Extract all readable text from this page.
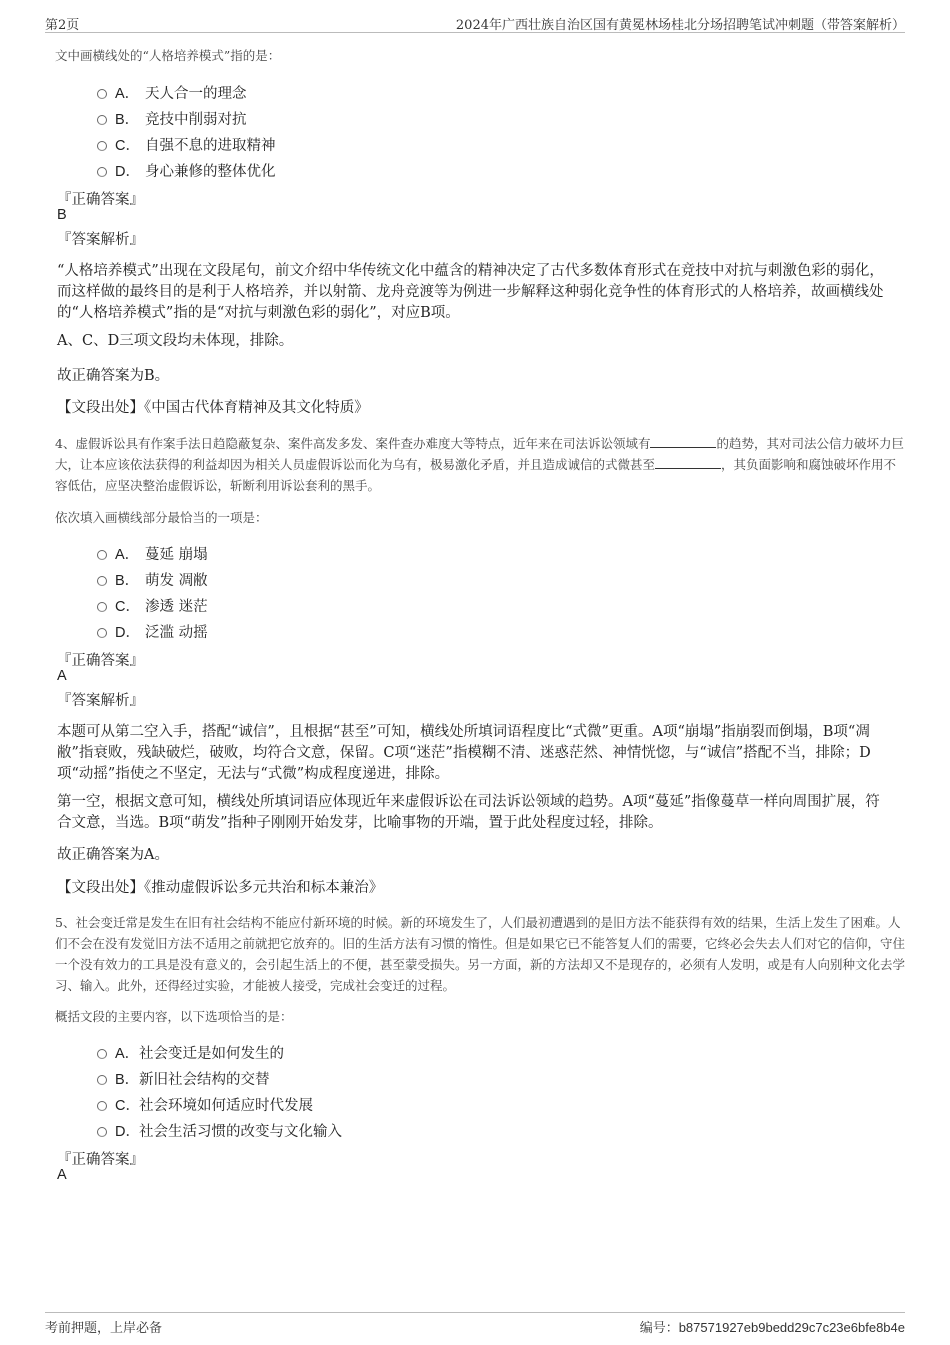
第2页	2024年广西壮族自治区国有黄冕林场桂北分场招聘笔试冲刺题（带答案解析）
文中画横线处的“人格培养模式”指的是：
A． 天人合一的理念
B． 竞技中削弱对抗
C． 自强不息的进取精神
D． 身心兼修的整体优化
『正确答案』
B
『答案解析』
“人格培养模式”出现在文段尾句，前文介绍中华传统文化中蕴含的精神决定了古代多数体育形式在竞技中对抗与刺激色彩的弱化，而这样做的最终目的是利于人格培养，并以射箭、龙舟竞渡等为例进一步解释这种弱化竞争性的体育形式的人格培养，故画横线处的“人格培养模式”指的是“对抗与刺激色彩的弱化”，对应B项。
A、C、D三项文段均未体现，排除。
故正确答案为B。
【文段出处】《中国古代体育精神及其文化特质》
4、虚假诉讼具有作案手法日趋隐蔽复杂、案件高发多发、案件查办难度大等特点，近年来在司法诉讼领域有	的趋势，其对司法公信力破坏力巨大，让本应该依法获得的利益却因为相关人员虚假诉讼而化为乌有，极易激化矛盾，并且造成诚信的式微甚至	，其负面影响和腐蚀破坏作用不容低估，应坚决整治虚假诉讼，斩断利用诉讼套利的黑手。
依次填入画横线部分最恰当的一项是：
A． 蔓延 崩塌
B． 萌发 凋敝
C． 渗透 迷茫
D． 泛滥 动摇
『正确答案』
A
『答案解析』
本题可从第二空入手，搭配“诚信”，且根据“甚至”可知，横线处所填词语程度比“式微”更重。A项“崩塌”指崩裂而倒塌，B项“凋敝”指衰败，残缺破烂，破败，均符合文意，保留。C项“迷茫”指模糊不清、迷惑茫然、神情恍惚，与“诚信”搭配不当，排除；D项“动摇”指使之不坚定，无法与“式微”构成程度递进，排除。
第一空，根据文意可知，横线处所填词语应体现近年来虚假诉讼在司法诉讼领域的趋势。A项“蔓延”指像蔓草一样向周围扩展，符合文意，当选。B项“萌发”指种子刚刚开始发芽，比喻事物的开端，置于此处程度过轻，排除。
故正确答案为A。
【文段出处】《推动虚假诉讼多元共治和标本兼治》
5、社会变迁常是发生在旧有社会结构不能应付新环境的时候。新的环境发生了，人们最初遭遇到的是旧方法不能获得有效的结果，生活上发生了困难。人们不会在没有发觉旧方法不适用之前就把它放弃的。旧的生活方法有习惯的惰性。但是如果它已不能答复人们的需要，它终必会失去人们对它的信仰，守住一个没有效力的工具是没有意义的，会引起生活上的不便，甚至蒙受损失。另一方面，新的方法却又不是现存的，必须有人发明，或是有人向别种文化去学习、输入。此外，还得经过实验，才能被人接受，完成社会变迁的过程。
概括文段的主要内容，以下选项恰当的是：
A．社会变迁是如何发生的
B．新旧社会结构的交替
C．社会环境如何适应时代发展
D．社会生活习惯的改变与文化输入
『正确答案』
A
考前押题，上岸必备	编号：b87571927eb9bedd29c7c23e6bfe8b4e
